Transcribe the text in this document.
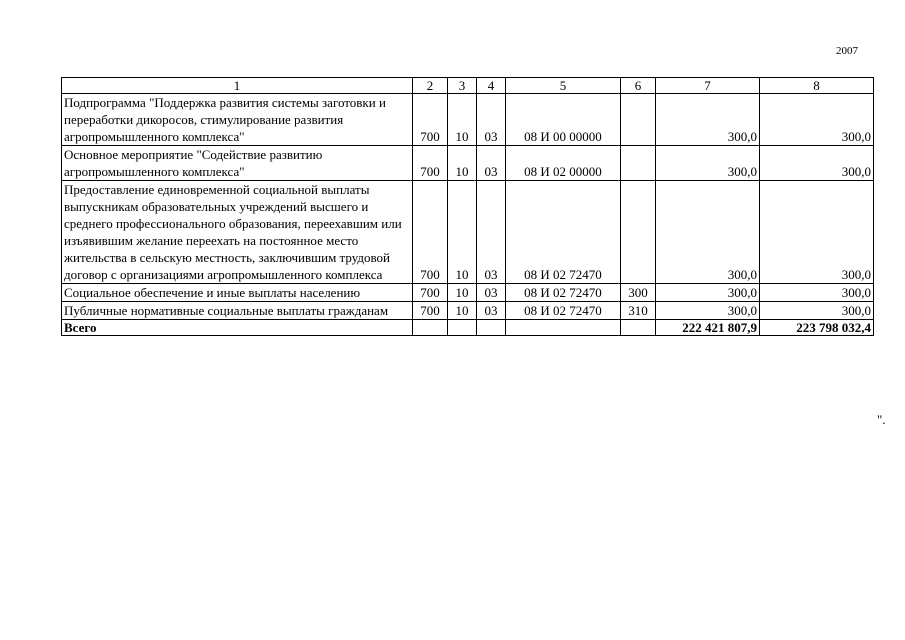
2007
1	2	3	4	5	6	7	8
Подпрограмма "Поддержка развития системы заготовки и переработки дикоросов, стимулирование развития агропромышленного комплекса"	700	10	03	08 И 00 00000		300,0	300,0
Основное мероприятие "Содействие развитию агропромышленного комплекса"	700	10	03	08 И 02 00000		300,0	300,0
Предоставление единовременной социальной выплаты выпускникам образовательных учреждений высшего и среднего профессионального образования, переехавшим или изъявившим желание переехать на постоянное место жительства в сельскую местность, заключившим трудовой договор с организациями агропромышленного комплекса	700	10	03	08 И 02 72470		300,0	300,0
Социальное обеспечение и иные выплаты населению	700	10	03	08 И 02 72470	300	300,0	300,0
Публичные нормативные социальные выплаты гражданам	700	10	03	08 И 02 72470	310	300,0	300,0
Всего						222 421 807,9	223 798 032,4
".
